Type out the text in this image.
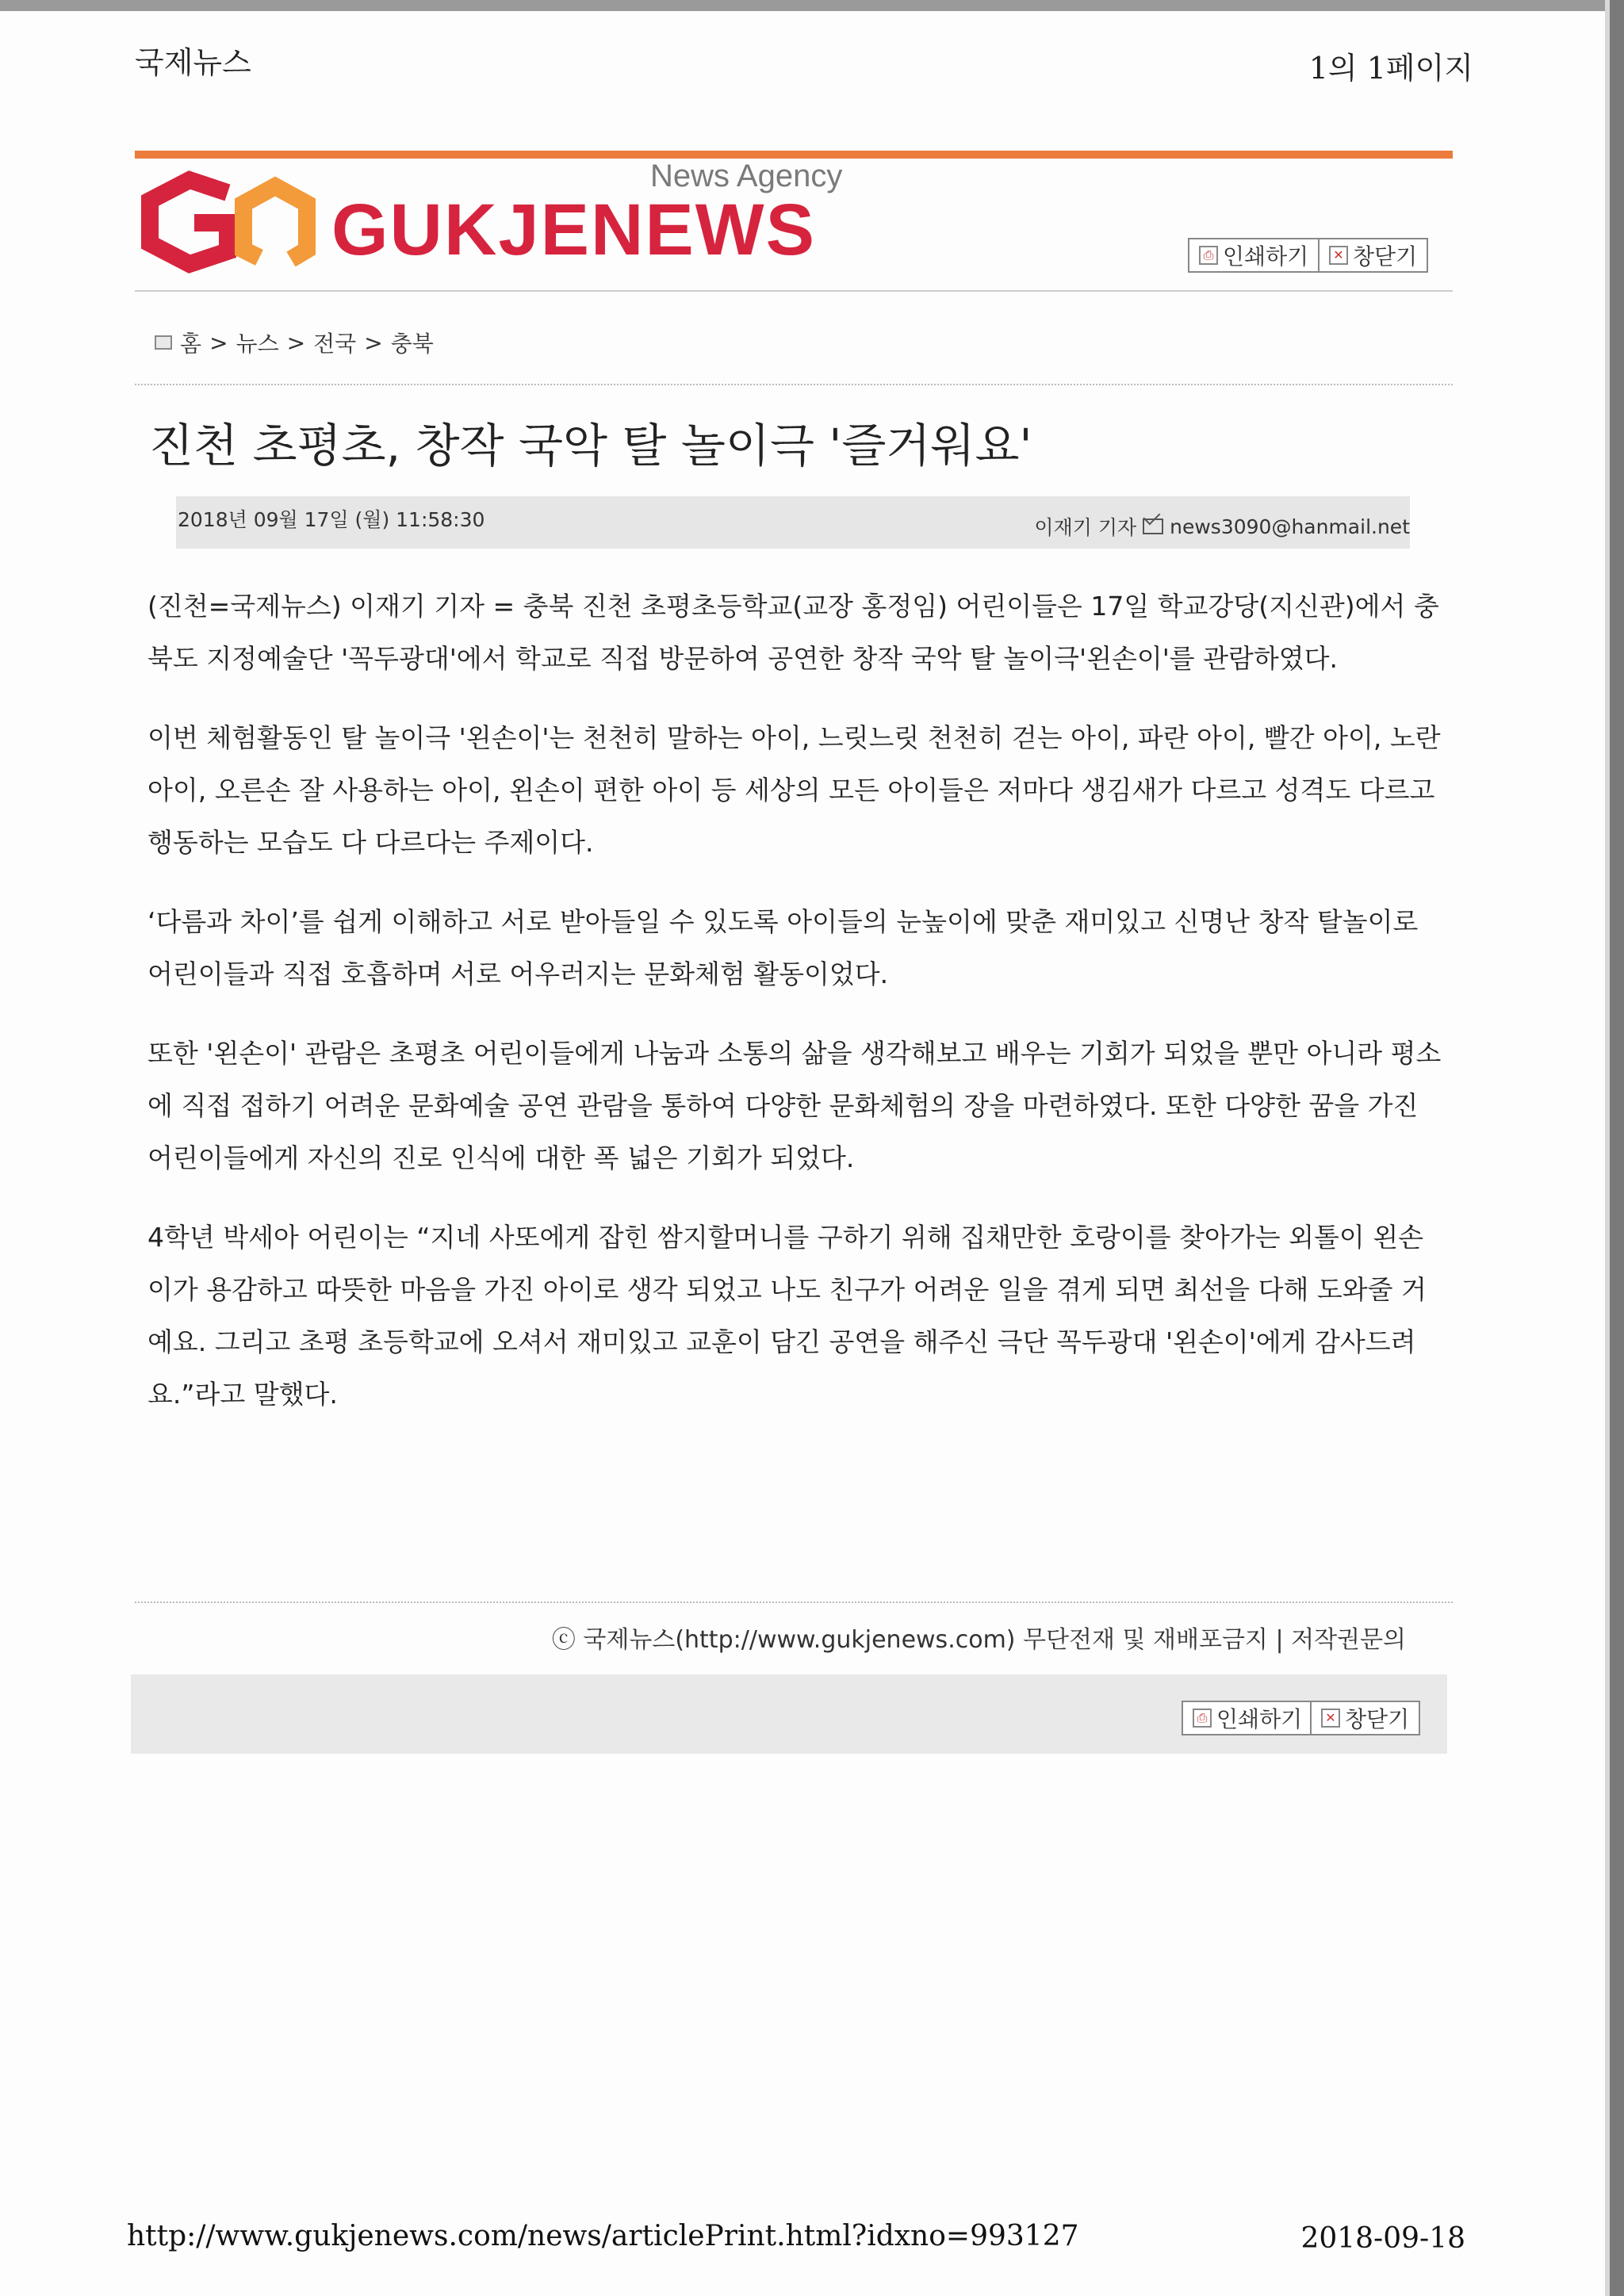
국제뉴스	1의 1페이지
News Agency
GUKJENEWS	⎙ 인쇄하기	✕ 창닫기
홈 > 뉴스 > 전국 > 충북
진천 초평초, 창작 국악 탈 놀이극 '즐거워요'
2018년 09월 17일 (월) 11:58:30	이재기 기자 news3090@hanmail.net

(진천=국제뉴스) 이재기 기자 = 충북 진천 초평초등학교(교장 홍정임) 어린이들은 17일 학교강당(지신관)에서 충북도 지정예술단 '꼭두광대'에서 학교로 직접 방문하여 공연한 창작 국악 탈 놀이극'왼손이'를 관람하였다.

이번 체험활동인 탈 놀이극 '왼손이'는 천천히 말하는 아이, 느릿느릿 천천히 걷는 아이, 파란 아이, 빨간 아이, 노란 아이, 오른손 잘 사용하는 아이, 왼손이 편한 아이 등 세상의 모든 아이들은 저마다 생김새가 다르고 성격도 다르고 행동하는 모습도 다 다르다는 주제이다.

‘다름과 차이’를 쉽게 이해하고 서로 받아들일 수 있도록 아이들의 눈높이에 맞춘 재미있고 신명난 창작 탈놀이로 어린이들과 직접 호흡하며 서로 어우러지는 문화체험 활동이었다.

또한 '왼손이' 관람은 초평초 어린이들에게 나눔과 소통의 삶을 생각해보고 배우는 기회가 되었을 뿐만 아니라 평소에 직접 접하기 어려운 문화예술 공연 관람을 통하여 다양한 문화체험의 장을 마련하였다. 또한 다양한 꿈을 가진 어린이들에게 자신의 진로 인식에 대한 폭 넓은 기회가 되었다.

4학년 박세아 어린이는 “지네 사또에게 잡힌 쌈지할머니를 구하기 위해 집채만한 호랑이를 찾아가는 외톨이 왼손이가 용감하고 따뜻한 마음을 가진 아이로 생각 되었고 나도 친구가 어려운 일을 겪게 되면 최선을 다해 도와줄 거예요. 그리고 초평 초등학교에 오셔서 재미있고 교훈이 담긴 공연을 해주신 극단 꼭두광대 '왼손이'에게 감사드려요.”라고 말했다.

ⓒ 국제뉴스(http://www.gukjenews.com) 무단전재 및 재배포금지 | 저작권문의
⎙ 인쇄하기	✕ 창닫기
http://www.gukjenews.com/news/articlePrint.html?idxno=993127	2018-09-18
